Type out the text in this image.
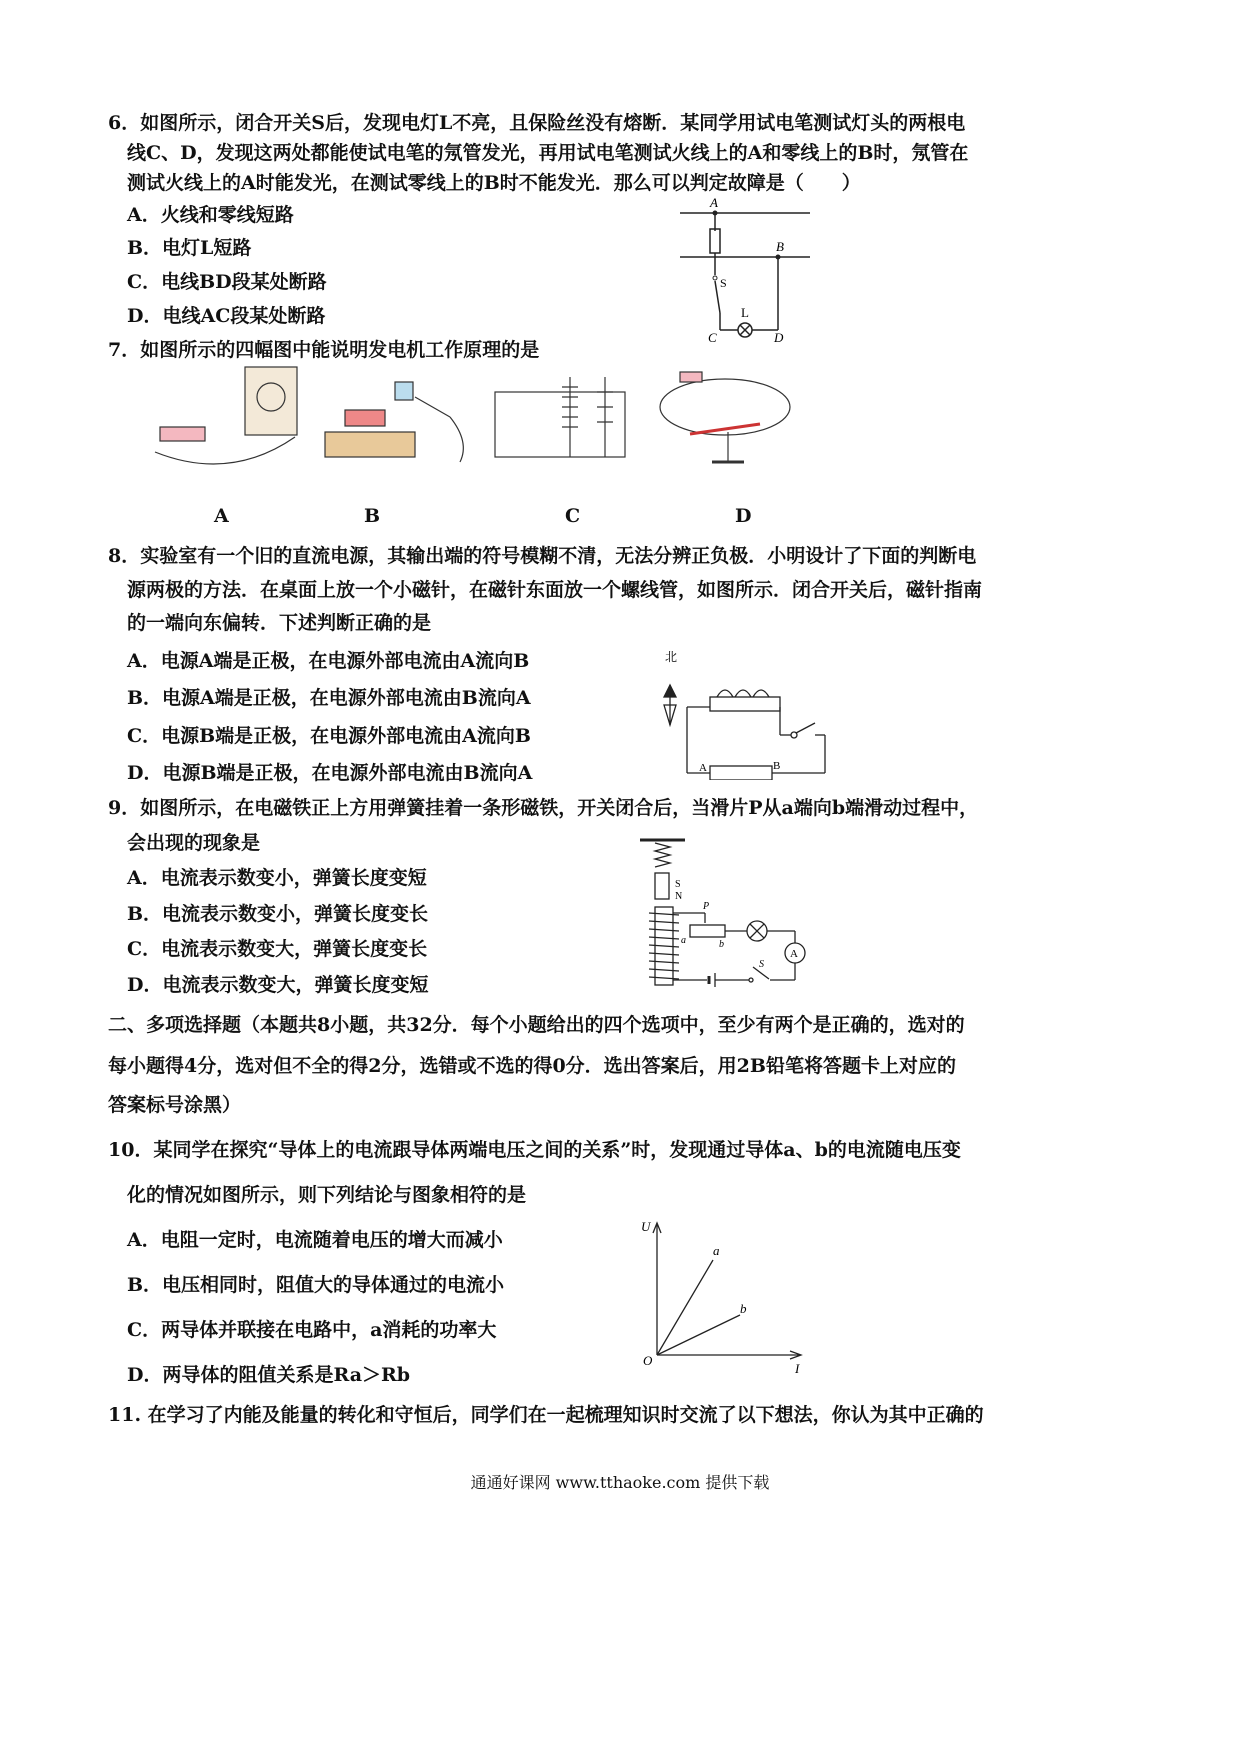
6．如图所示，闭合开关S后，发现电灯L不亮，且保险丝没有熔断．某同学用试电笔测试灯头的两根电
线C、D，发现这两处都能使试电笔的氖管发光，再用试电笔测试火线上的A和零线上的B时，氖管在
测试火线上的A时能发光，在测试零线上的B时不能发光．那么可以判定故障是（　　）
A．火线和零线短路
B．电灯L短路
C．电线BD段某处断路
D．电线AC段某处断路
A
B
S
L
C	D
7．如图所示的四幅图中能说明发电机工作原理的是
A	B	C	D
8．实验室有一个旧的直流电源，其输出端的符号模糊不清，无法分辨正负极．小明设计了下面的判断电
源两极的方法．在桌面上放一个小磁针，在磁针东面放一个螺线管，如图所示．闭合开关后，磁针指南
的一端向东偏转．下述判断正确的是
A．电源A端是正极，在电源外部电流由A流向B
B．电源A端是正极，在电源外部电流由B流向A
C．电源B端是正极，在电源外部电流由A流向B
D．电源B端是正极，在电源外部电流由B流向A
北
A	B
9．如图所示，在电磁铁正上方用弹簧挂着一条形磁铁，开关闭合后，当滑片P从a端向b端滑动过程中，
会出现的现象是
A．电流表示数变小，弹簧长度变短
B．电流表示数变小，弹簧长度变长
C．电流表示数变大，弹簧长度变长
D．电流表示数变大，弹簧长度变短
S
N
P
a	b
S
A
二、多项选择题（本题共8小题，共32分．每个小题给出的四个选项中，至少有两个是正确的，选对的
每小题得4分，选对但不全的得2分，选错或不选的得0分．选出答案后，用2B铅笔将答题卡上对应的
答案标号涂黑）
10．某同学在探究“导体上的电流跟导体两端电压之间的关系”时，发现通过导体a、b的电流随电压变
化的情况如图所示，则下列结论与图象相符的是
A．电阻一定时，电流随着电压的增大而减小
B．电压相同时，阻值大的导体通过的电流小
C．两导体并联接在电路中，a消耗的功率大
D．两导体的阻值关系是Ra＞Rb
U
I
O
a
b
11. 在学习了内能及能量的转化和守恒后，同学们在一起梳理知识时交流了以下想法，你认为其中正确的
通通好课网 www.tthaoke.com 提供下载
